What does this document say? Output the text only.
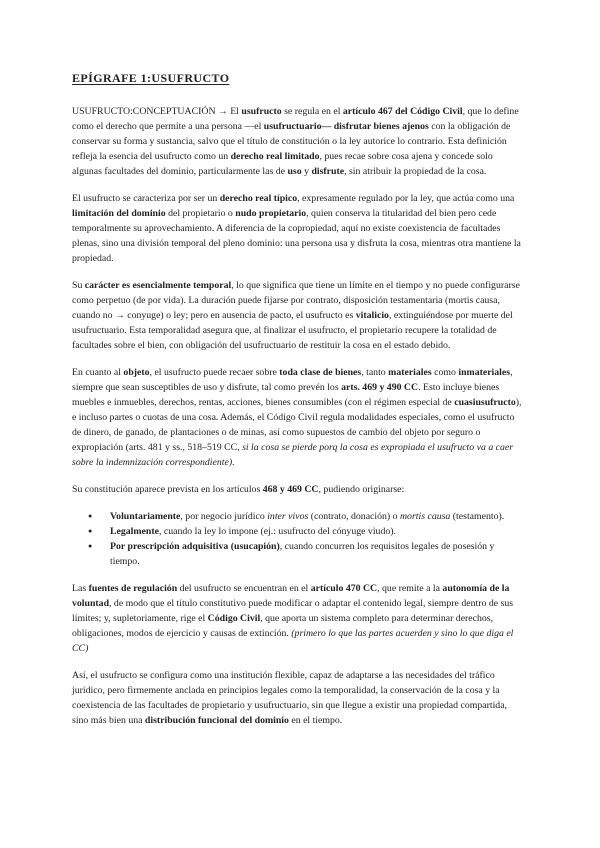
EPÍGRAFE 1:USUFRUCTO

USUFRUCTO:CONCEPTUACIÓN → El usufructo se regula en el artículo 467 del Código Civil, que lo define como el derecho que permite a una persona —el usufructuario— disfrutar bienes ajenos con la obligación de conservar su forma y sustancia, salvo que el título de constitución o la ley autorice lo contrario. Esta definición refleja la esencia del usufructo como un derecho real limitado, pues recae sobre cosa ajena y concede solo algunas facultades del dominio, particularmente las de uso y disfrute, sin atribuir la propiedad de la cosa.

El usufructo se caracteriza por ser un derecho real típico, expresamente regulado por la ley, que actúa como una limitación del dominio del propietario o nudo propietario, quien conserva la titularidad del bien pero cede temporalmente su aprovechamiento. A diferencia de la copropiedad, aquí no existe coexistencia de facultades plenas, sino una división temporal del pleno dominio: una persona usa y disfruta la cosa, mientras otra mantiene la propiedad.

Su carácter es esencialmente temporal, lo que significa que tiene un límite en el tiempo y no puede configurarse como perpetuo (de por vida). La duración puede fijarse por contrato, disposición testamentaria (mortis causa, cuando no → conyuge) o ley; pero en ausencia de pacto, el usufructo es vitalicio, extinguiéndose por muerte del usufructuario. Esta temporalidad asegura que, al finalizar el usufructo, el propietario recupere la totalidad de facultades sobre el bien, con obligación del usufructuario de restituir la cosa en el estado debido.

En cuanto al objeto, el usufructo puede recaer sobre toda clase de bienes, tanto materiales como inmateriales, siempre que sean susceptibles de uso y disfrute, tal como prevén los arts. 469 y 490 CC. Esto incluye bienes muebles e inmuebles, derechos, rentas, acciones, bienes consumibles (con el régimen especial de cuasiusufructo), e incluso partes o cuotas de una cosa. Además, el Código Civil regula modalidades especiales, como el usufructo de dinero, de ganado, de plantaciones o de minas, así como supuestos de cambio del objeto por seguro o expropiación (arts. 481 y ss., 518–519 CC, si la cosa se pierde porq la cosa es expropiada el usufructo va a caer sobre la indemnización correspondiente).

Su constitución aparece prevista en los artículos 468 y 469 CC, pudiendo originarse:

● Voluntariamente, por negocio jurídico inter vivos (contrato, donación) o mortis causa (testamento).
● Legalmente, cuando la ley lo impone (ej.: usufructo del cónyuge viudo).
● Por prescripción adquisitiva (usucapión), cuando concurren los requisitos legales de posesión y tiempo.

Las fuentes de regulación del usufructo se encuentran en el artículo 470 CC, que remite a la autonomía de la voluntad, de modo que el título constitutivo puede modificar o adaptar el contenido legal, siempre dentro de sus límites; y, supletoriamente, rige el Código Civil, que aporta un sistema completo para determinar derechos, obligaciones, modos de ejercicio y causas de extinción. (primero lo que las partes acuerden y sino lo que diga el CC)

Así, el usufructo se configura como una institución flexible, capaz de adaptarse a las necesidades del tráfico jurídico, pero firmemente anclada en principios legales como la temporalidad, la conservación de la cosa y la coexistencia de las facultades de propietario y usufructuario, sin que llegue a existir una propiedad compartida, sino más bien una distribución funcional del dominio en el tiempo.
